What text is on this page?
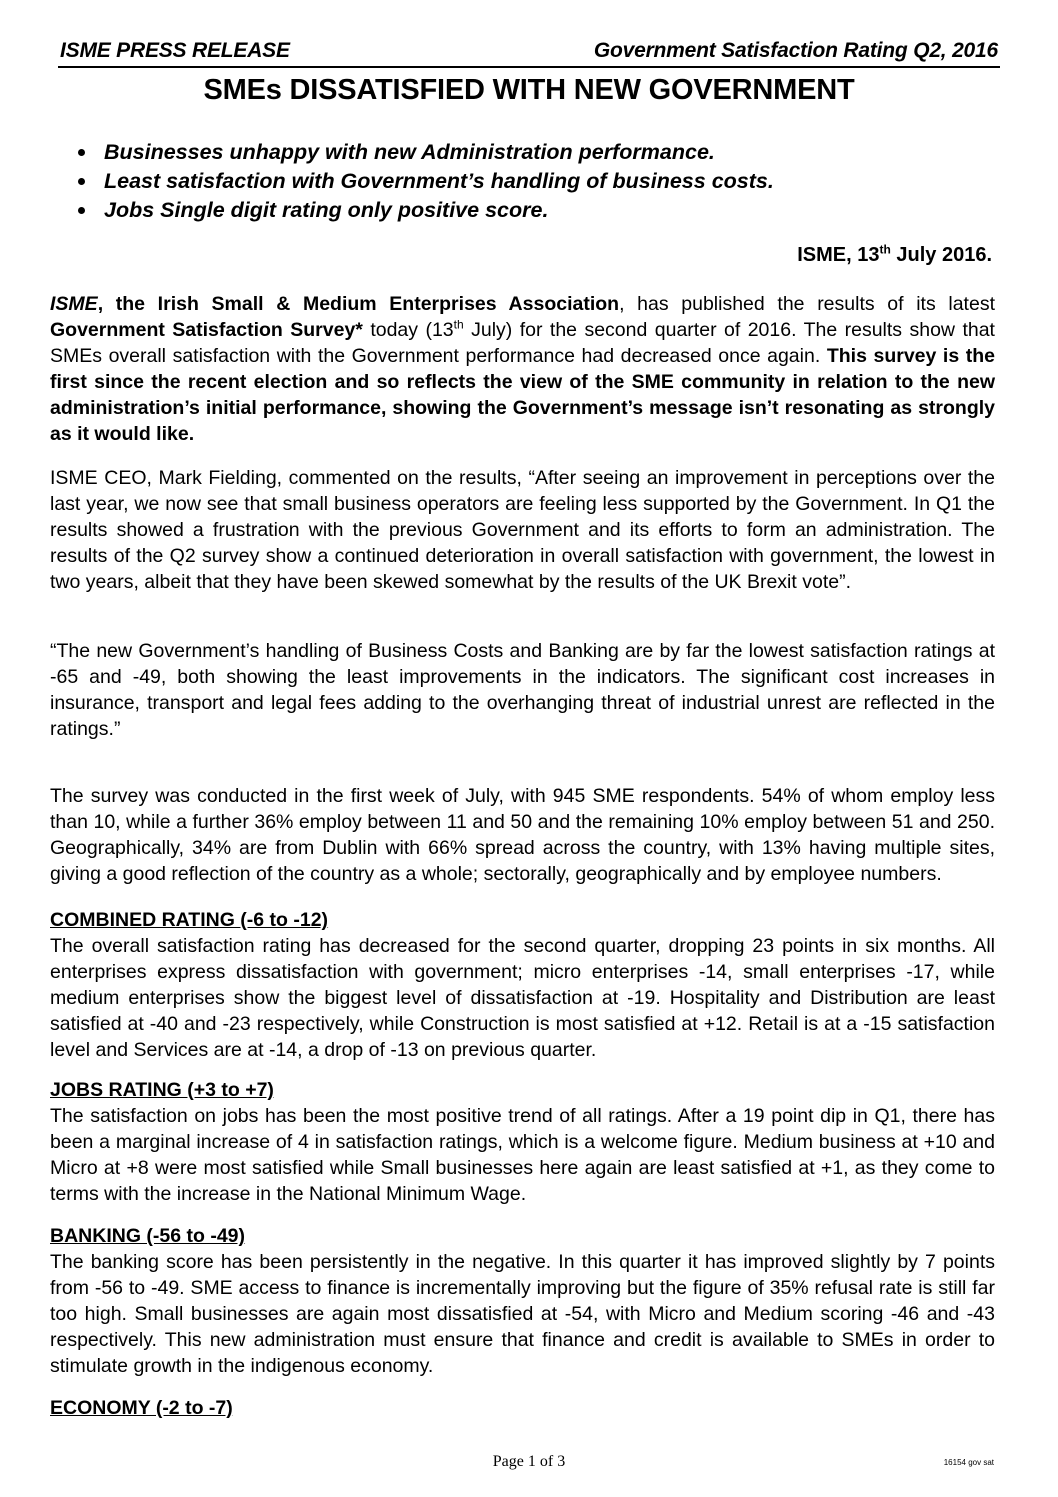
ISME PRESS RELEASE	Government Satisfaction Rating Q2, 2016
SMEs DISSATISFIED WITH NEW GOVERNMENT
Businesses unhappy with new Administration performance.
Least satisfaction with Government’s handling of business costs.
Jobs Single digit rating only positive score.
ISME, 13th July 2016.

ISME, the Irish Small & Medium Enterprises Association, has published the results of its latest Government Satisfaction Survey* today (13th July) for the second quarter of 2016. The results show that SMEs overall satisfaction with the Government performance had decreased once again. This survey is the first since the recent election and so reflects the view of the SME community in relation to the new administration’s initial performance, showing the Government’s message isn’t resonating as strongly as it would like.

ISME CEO, Mark Fielding, commented on the results, “After seeing an improvement in perceptions over the last year, we now see that small business operators are feeling less supported by the Government. In Q1 the results showed a frustration with the previous Government and its efforts to form an administration. The results of the Q2 survey show a continued deterioration in overall satisfaction with government, the lowest in two years, albeit that they have been skewed somewhat by the results of the UK Brexit vote”.

“The new Government’s handling of Business Costs and Banking are by far the lowest satisfaction ratings at -65 and -49, both showing the least improvements in the indicators. The significant cost increases in insurance, transport and legal fees adding to the overhanging threat of industrial unrest are reflected in the ratings.”

The survey was conducted in the first week of July, with 945 SME respondents. 54% of whom employ less than 10, while a further 36% employ between 11 and 50 and the remaining 10% employ between 51 and 250. Geographically, 34% are from Dublin with 66% spread across the country, with 13% having multiple sites, giving a good reflection of the country as a whole; sectorally, geographically and by employee numbers.

COMBINED RATING (-6 to -12)
The overall satisfaction rating has decreased for the second quarter, dropping 23 points in six months. All enterprises express dissatisfaction with government; micro enterprises -14, small enterprises -17, while medium enterprises show the biggest level of dissatisfaction at -19. Hospitality and Distribution are least satisfied at -40 and -23 respectively, while Construction is most satisfied at +12. Retail is at a -15 satisfaction level and Services are at -14, a drop of -13 on previous quarter.
JOBS RATING (+3 to +7)
The satisfaction on jobs has been the most positive trend of all ratings. After a 19 point dip in Q1, there has been a marginal increase of 4 in satisfaction ratings, which is a welcome figure. Medium business at +10 and Micro at +8 were most satisfied while Small businesses here again are least satisfied at +1, as they come to terms with the increase in the National Minimum Wage.
BANKING (-56 to -49)
The banking score has been persistently in the negative. In this quarter it has improved slightly by 7 points from -56 to -49. SME access to finance is incrementally improving but the figure of 35% refusal rate is still far too high. Small businesses are again most dissatisfied at -54, with Micro and Medium scoring -46 and -43 respectively. This new administration must ensure that finance and credit is available to SMEs in order to stimulate growth in the indigenous economy.
ECONOMY (-2 to -7)
Page 1 of 3	16154 gov sat
